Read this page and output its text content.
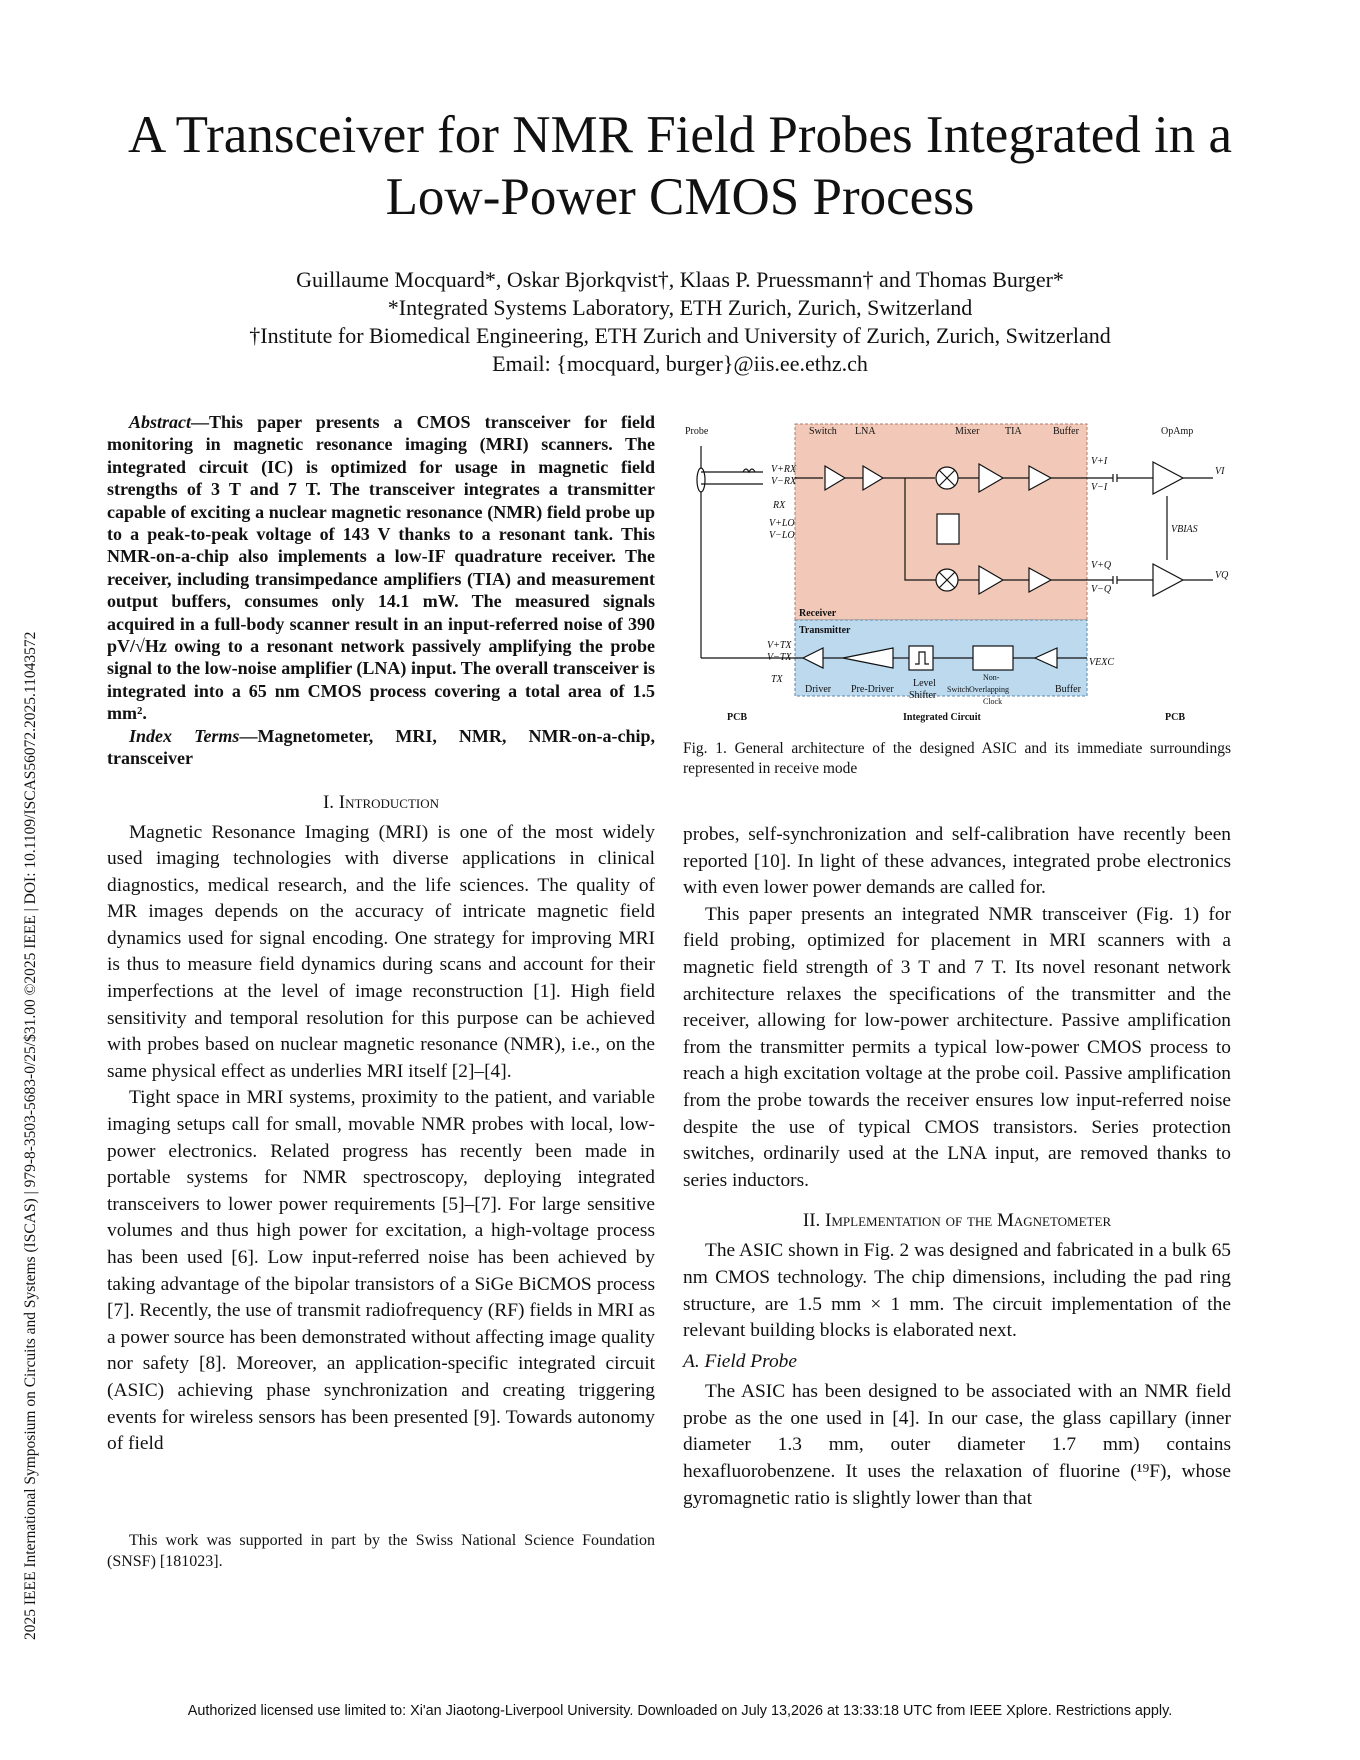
2025 IEEE International Symposium on Circuits and Systems (ISCAS) | 979-8-3503-5683-0/25/$31.00 ©2025 IEEE | DOI: 10.1109/ISCAS56072.2025.11043572
A Transceiver for NMR Field Probes Integrated in a
Low-Power CMOS Process
Guillaume Mocquard*, Oskar Bjorkqvist†, Klaas P. Pruessmann† and Thomas Burger*
*Integrated Systems Laboratory, ETH Zurich, Zurich, Switzerland
†Institute for Biomedical Engineering, ETH Zurich and University of Zurich, Zurich, Switzerland
Email: {mocquard, burger}@iis.ee.ethz.ch

Abstract—This paper presents a CMOS transceiver for field monitoring in magnetic resonance imaging (MRI) scanners. The integrated circuit (IC) is optimized for usage in magnetic field strengths of 3 T and 7 T. The transceiver integrates a transmitter capable of exciting a nuclear magnetic resonance (NMR) field probe up to a peak-to-peak voltage of 143 V thanks to a resonant tank. This NMR-on-a-chip also implements a low-IF quadrature receiver. The receiver, including transimpedance amplifiers (TIA) and measurement output buffers, consumes only 14.1 mW. The measured signals acquired in a full-body scanner result in an input-referred noise of 390 pV/√Hz owing to a resonant network passively amplifying the probe signal to the low-noise amplifier (LNA) input. The overall transceiver is integrated into a 65 nm CMOS process covering a total area of 1.5 mm².

Index Terms—Magnetometer, MRI, NMR, NMR-on-a-chip, transceiver

I. Introduction

Magnetic Resonance Imaging (MRI) is one of the most widely used imaging technologies with diverse applications in clinical diagnostics, medical research, and the life sciences. The quality of MR images depends on the accuracy of intricate magnetic field dynamics used for signal encoding. One strategy for improving MRI is thus to measure field dynamics during scans and account for their imperfections at the level of image reconstruction [1]. High field sensitivity and temporal resolution for this purpose can be achieved with probes based on nuclear magnetic resonance (NMR), i.e., on the same physical effect as underlies MRI itself [2]–[4].

Tight space in MRI systems, proximity to the patient, and variable imaging setups call for small, movable NMR probes with local, low-power electronics. Related progress has recently been made in portable systems for NMR spectroscopy, deploying integrated transceivers to lower power requirements [5]–[7]. For large sensitive volumes and thus high power for excitation, a high-voltage process has been used [6]. Low input-referred noise has been achieved by taking advantage of the bipolar transistors of a SiGe BiCMOS process [7]. Recently, the use of transmit radiofrequency (RF) fields in MRI as a power source has been demonstrated without affecting image quality nor safety [8]. Moreover, an application-specific integrated circuit (ASIC) achieving phase synchronization and creating triggering events for wireless sensors has been presented [9]. Towards autonomy of field

This work was supported in part by the Swiss National Science Foundation (SNSF) [181023].

Probe	Switch LNA	Mixer	TIA	Buffer	OpAmp
V+RX
V−RX
RX
V+LO
V−LO
V+I
V−I
V+Q
V−Q
VI
VQ
VBIAS
Receiver
Transmitter
V+TX
V−TX
TX
VEXC
Driver Pre-Driver
Level
Shifter
Switch
Non-
Overlapping
Clock
Buffer
PCB	Integrated Circuit	PCB

Fig. 1. General architecture of the designed ASIC and its immediate surroundings represented in receive mode

probes, self-synchronization and self-calibration have recently been reported [10]. In light of these advances, integrated probe electronics with even lower power demands are called for.

This paper presents an integrated NMR transceiver (Fig. 1) for field probing, optimized for placement in MRI scanners with a magnetic field strength of 3 T and 7 T. Its novel resonant network architecture relaxes the specifications of the transmitter and the receiver, allowing for low-power architecture. Passive amplification from the transmitter permits a typical low-power CMOS process to reach a high excitation voltage at the probe coil. Passive amplification from the probe towards the receiver ensures low input-referred noise despite the use of typical CMOS transistors. Series protection switches, ordinarily used at the LNA input, are removed thanks to series inductors.

II. Implementation of the Magnetometer

The ASIC shown in Fig. 2 was designed and fabricated in a bulk 65 nm CMOS technology. The chip dimensions, including the pad ring structure, are 1.5 mm × 1 mm. The circuit implementation of the relevant building blocks is elaborated next.

A. Field Probe

The ASIC has been designed to be associated with an NMR field probe as the one used in [4]. In our case, the glass capillary (inner diameter 1.3 mm, outer diameter 1.7 mm) contains hexafluorobenzene. It uses the relaxation of fluorine (¹⁹F), whose gyromagnetic ratio is slightly lower than that

Authorized licensed use limited to: Xi'an Jiaotong-Liverpool University. Downloaded on July 13,2026 at 13:33:18 UTC from IEEE Xplore. Restrictions apply.
